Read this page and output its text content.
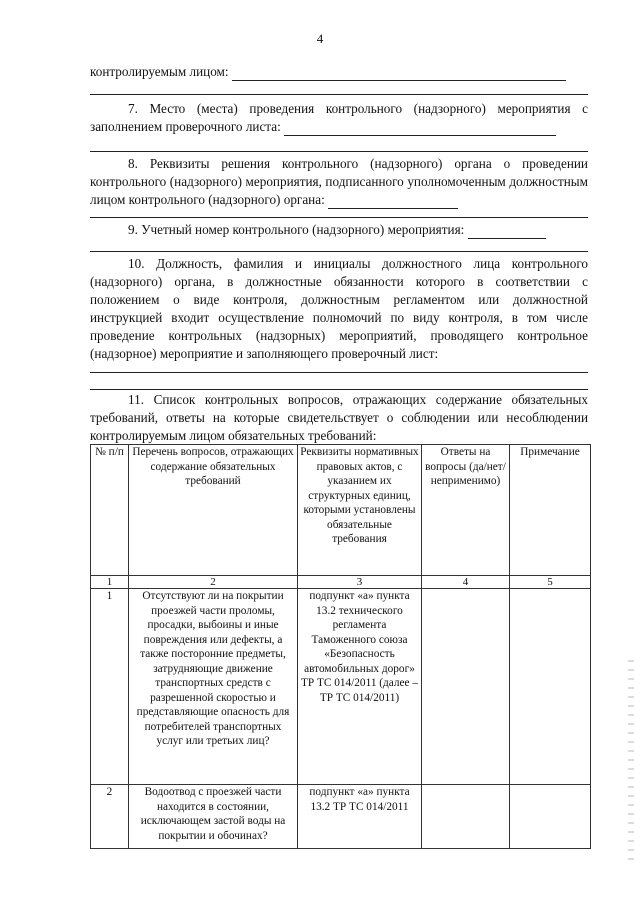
4
контролируемым лицом:
7. Место (места) проведения контрольного (надзорного) мероприятия с заполнением проверочного листа:
8. Реквизиты решения контрольного (надзорного) органа о проведении контрольного (надзорного) мероприятия, подписанного уполномоченным должностным лицом контрольного (надзорного) органа:
9. Учетный номер контрольного (надзорного) мероприятия:
10. Должность, фамилия и инициалы должностного лица контрольного (надзорного) органа, в должностные обязанности которого в соответствии с положением о виде контроля, должностным регламентом или должностной инструкцией входит осуществление полномочий по виду контроля, в том числе проведение контрольных (надзорных) мероприятий, проводящего контрольное (надзорное) мероприятие и заполняющего проверочный лист:
11. Список контрольных вопросов, отражающих содержание обязательных требований, ответы на которые свидетельствует о соблюдении или несоблюдении контролируемым лицом обязательных требований:
№ п/п	Перечень вопросов, отражающих содержание обязательных требований	Реквизиты нормативных правовых актов, с указанием их структурных единиц, которыми установлены обязательные требования	Ответы на вопросы (да/нет/ неприменимо)	Примечание
1	2	3	4	5
1	Отсутствуют ли на покрытии проезжей части проломы, просадки, выбоины и иные повреждения или дефекты, а также посторонние предметы, затрудняющие движение транспортных средств с разрешенной скоростью и представляющие опасность для потребителей транспортных услуг или третьих лиц?	подпункт «а» пункта 13.2 технического регламента Таможенного союза «Безопасность автомобильных дорог» ТР ТС 014/2011 (далее – ТР ТС 014/2011)		
2	Водоотвод с проезжей части находится в состоянии, исключающем застой воды на покрытии и обочинах?	подпункт «а» пункта 13.2 ТР ТС 014/2011		
